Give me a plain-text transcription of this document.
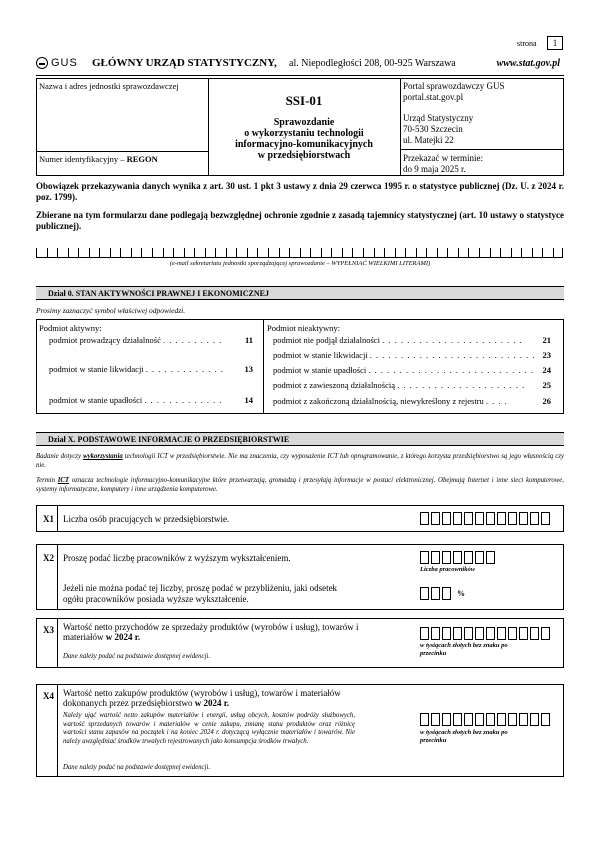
strona	1
GUS GŁÓWNY URZĄD STATYSTYCZNY, al. Niepodległości 208, 00-925 Warszawa	www.stat.gov.pl
Nazwa i adres jednostki sprawozdawczej
Numer identyfikacyjny – REGON
SSI-01
Sprawozdanie
o wykorzystaniu technologii
informacyjno-komunikacyjnych
w przedsiębiorstwach
Portal sprawozdawczy GUS
portal.stat.gov.pl
Urząd Statystyczny
70-530 Szczecin
ul. Matejki 22
Przekazać w terminie:
do 9 maja 2025 r.
Obowiązek przekazywania danych wynika z art. 30 ust. 1 pkt 3 ustawy z dnia 29 czerwca 1995 r. o statystyce publicznej (Dz. U. z 2024 r. poz. 1799).
Zbierane na tym formularzu dane podlegają bezwzględnej ochronie zgodnie z zasadą tajemnicy statystycznej (art. 10 ustawy o statystyce publicznej).
(e-mail sekretariatu jednostki sporządzającej sprawozdanie – WYPEŁNIAĆ WIELKIMI LITERAMI)
Dział 0. STAN AKTYWNOŚCI PRAWNEJ I EKONOMICZNEJ
Prosimy zaznaczyć symbol właściwej odpowiedzi.
Podmiot aktywny:
podmiot prowadzący działalność . . . . . . . . . .	11
podmiot w stanie likwidacji . . . . . . . . . . . . . 13
podmiot w stanie upadłości . . . . . . . . . . . . .	14
Podmiot nieaktywny:
podmiot nie podjął działalności . . . . . . . . . . . . . . . . . . . . . . . 21
podmiot w stanie likwidacji . . . . . . . . . . . . . . . . . . . . . . . . . . . 23
podmiot w stanie upadłości . . . . . . . . . . . . . . . . . . . . . . . . . . . 24
podmiot z zawieszoną działalnością . . . . . . . . . . . . . . . . . . . . . 25
podmiot z zakończoną działalnością, niewykreślony z rejestru . . . .	26
Dział X. PODSTAWOWE INFORMACJE O PRZEDSIĘBIORSTWIE
Badanie dotyczy wykorzystania technologii ICT w przedsiębiorstwie. Nie ma znaczenia, czy wyposażenie ICT lub oprogramowanie, z którego korzysta przedsiębiorstwo są jego własnością czy nie.
Termin ICT oznacza technologie informacyjno-komunikacyjne które przetwarzają, gromadzą i przesyłają informacje w postaci elektronicznej. Obejmują Internet i inne sieci komputerowe, systemy informatyczne, komputery i inne urządzenia komputerowe.
X1 Liczba osób pracujących w przedsiębiorstwie.
X2 Proszę podać liczbę pracowników z wyższym wykształceniem.
Liczba pracowników
Jeżeli nie można podać tej liczby, proszę podać w przybliżeniu, jaki odsetek ogółu pracowników posiada wyższe wykształcenie.
%
X3 Wartość netto przychodów ze sprzedaży produktów (wyrobów i usług), towarów i materiałów w 2024 r.
Dane należy podać na podstawie dostępnej ewidencji.
w tysiącach złotych bez znaku po przecinku
X4 Wartość netto zakupów produktów (wyrobów i usług), towarów i materiałów dokonanych przez przedsiębiorstwo w 2024 r.
Należy ująć wartość netto zakupów materiałów i energii, usług obcych, kosztów podróży służbowych, wartość sprzedanych towarów i materiałów w cenie zakupu, zmianę stanu produktów oraz różnicę wartości stanu zapasów na początek i na koniec 2024 r. dotyczącą wyłącznie materiałów i towarów. Nie należy uwzględniać środków trwałych rejestrowanych jako konsumpcja środków trwałych.
Dane należy podać na podstawie dostępnej ewidencji.
w tysiącach złotych bez znaku po przecinku
